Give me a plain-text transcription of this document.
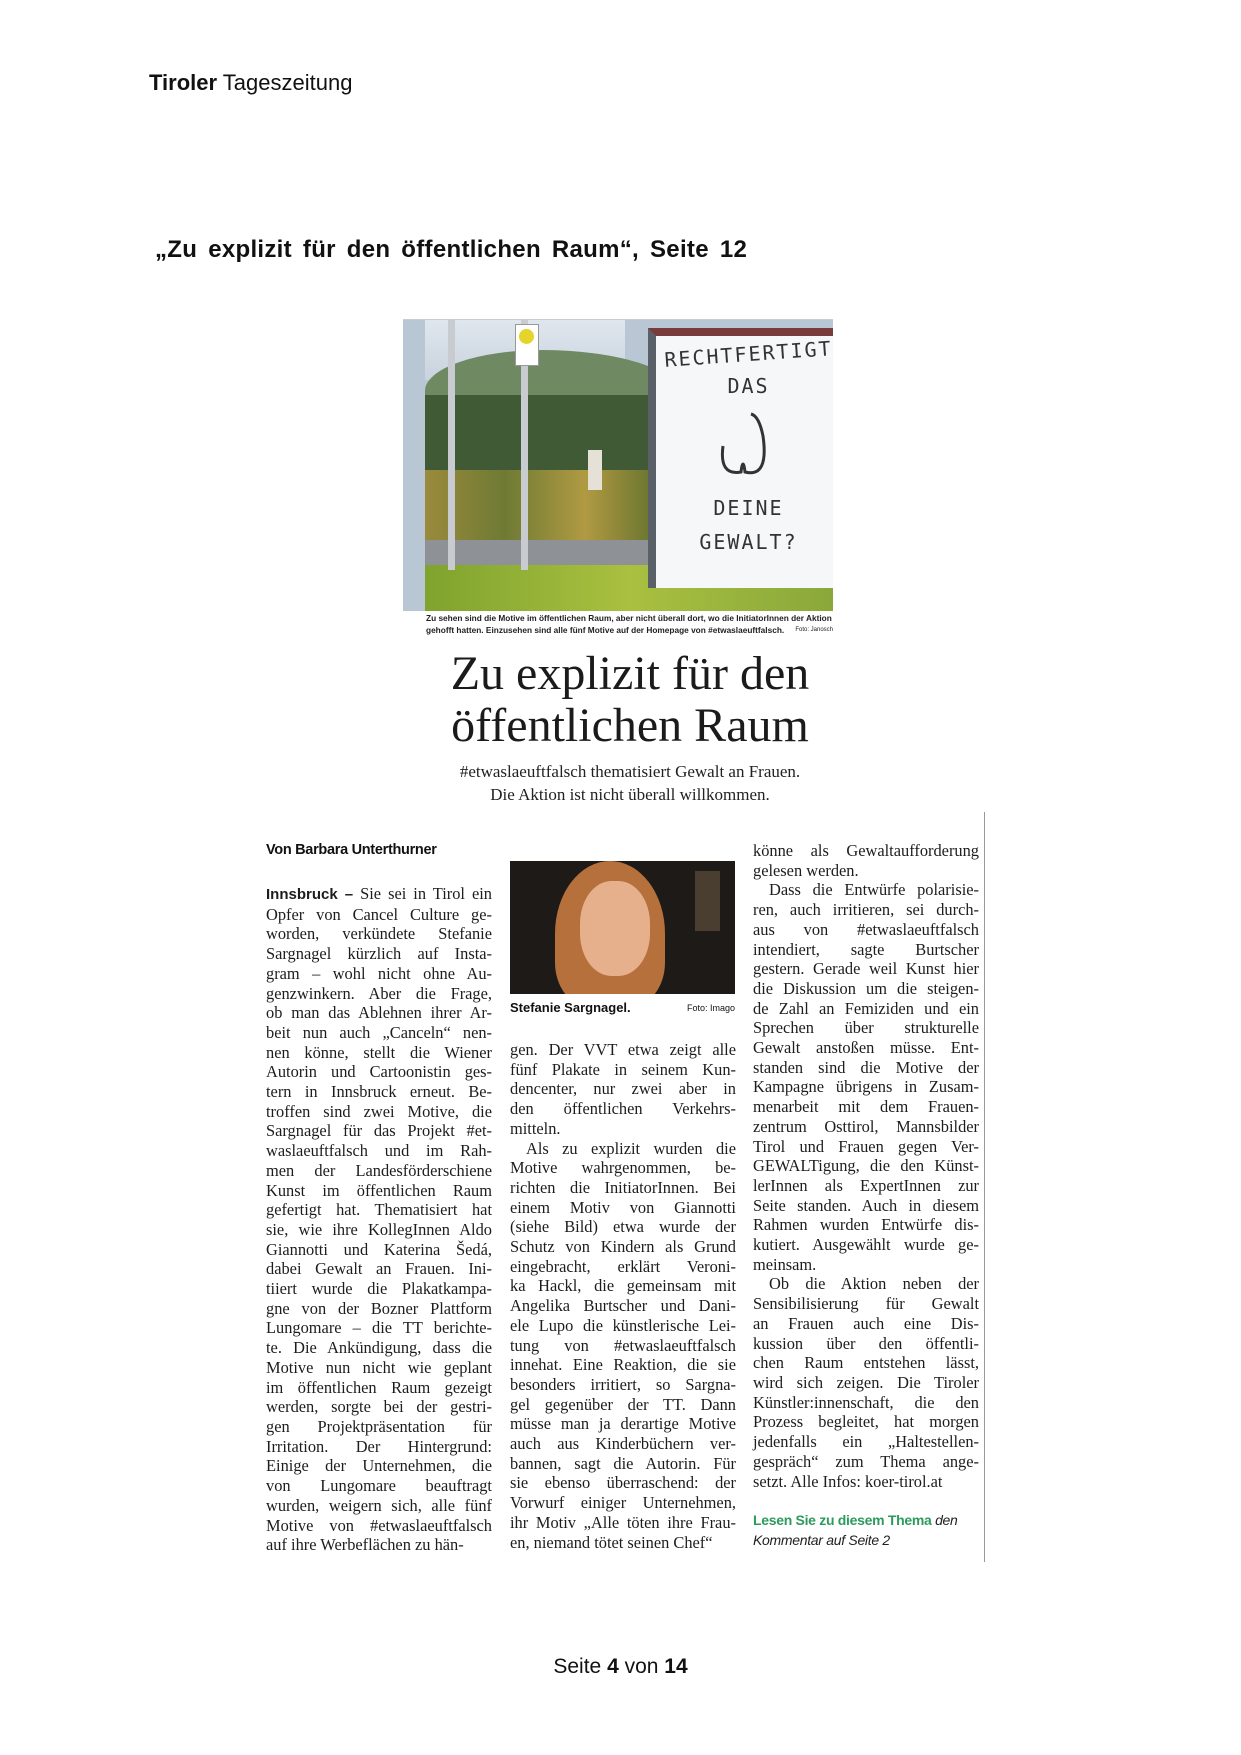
Tiroler Tageszeitung
„Zu explizit für den öffentlichen Raum“, Seite 12
RECHTFERTIGT
DAS
DEINE
GEWALT?
Zu sehen sind die Motive im öffentlichen Raum, aber nicht überall dort, wo die InitiatorInnen der Aktion gehofft hatten. Einzusehen sind alle fünf Motive auf der Homepage von #etwaslaeuftfalsch. Foto: Janosch
Zu explizit für den
öffentlichen Raum
#etwaslaeuftfalsch thematisiert Gewalt an Frauen.
Die Aktion ist nicht überall willkommen.
Von Barbara Unterthurner
Innsbruck – Sie sei in Tirol ein
Opfer von Cancel Culture ge-
worden, verkündete Stefanie
Sargnagel kürzlich auf Insta-
gram – wohl nicht ohne Au-
genzwinkern. Aber die Frage,
ob man das Ablehnen ihrer Ar-
beit nun auch „Canceln“ nen-
nen könne, stellt die Wiener
Autorin und Cartoonistin ges-
tern in Innsbruck erneut. Be-
troffen sind zwei Motive, die
Sargnagel für das Projekt #et-
waslaeuftfalsch und im Rah-
men der Landesförderschiene
Kunst im öffentlichen Raum
gefertigt hat. Thematisiert hat
sie, wie ihre KollegInnen Aldo
Giannotti und Katerina Šedá,
dabei Gewalt an Frauen. Ini-
tiiert wurde die Plakatkampa-
gne von der Bozner Plattform
Lungomare – die TT berichte-
te. Die Ankündigung, dass die
Motive nun nicht wie geplant
im öffentlichen Raum gezeigt
werden, sorgte bei der gestri-
gen Projektpräsentation für
Irritation. Der Hintergrund:
Einige der Unternehmen, die
von Lungomare beauftragt
wurden, weigern sich, alle fünf
Motive von #etwaslaeuftfalsch
auf ihre Werbeflächen zu hän-
Stefanie Sargnagel.	Foto: Imago
gen. Der VVT etwa zeigt alle
fünf Plakate in seinem Kun-
dencenter, nur zwei aber in
den öffentlichen Verkehrs-
mitteln.
Als zu explizit wurden die
Motive wahrgenommen, be-
richten die InitiatorInnen. Bei
einem Motiv von Giannotti
(siehe Bild) etwa wurde der
Schutz von Kindern als Grund
eingebracht, erklärt Veroni-
ka Hackl, die gemeinsam mit
Angelika Burtscher und Dani-
ele Lupo die künstlerische Lei-
tung von #etwaslaeuftfalsch
innehat. Eine Reaktion, die sie
besonders irritiert, so Sargna-
gel gegenüber der TT. Dann
müsse man ja derartige Motive
auch aus Kinderbüchern ver-
bannen, sagt die Autorin. Für
sie ebenso überraschend: der
Vorwurf einiger Unternehmen,
ihr Motiv „Alle töten ihre Frau-
en, niemand tötet seinen Chef“
könne als Gewaltaufforderung
gelesen werden.
Dass die Entwürfe polarisie-
ren, auch irritieren, sei durch-
aus von #etwaslaeuftfalsch
intendiert, sagte Burtscher
gestern. Gerade weil Kunst hier
die Diskussion um die steigen-
de Zahl an Femiziden und ein
Sprechen über strukturelle
Gewalt anstoßen müsse. Ent-
standen sind die Motive der
Kampagne übrigens in Zusam-
menarbeit mit dem Frauen-
zentrum Osttirol, Mannsbilder
Tirol und Frauen gegen Ver-
GEWALTigung, die den Künst-
lerInnen als ExpertInnen zur
Seite standen. Auch in diesem
Rahmen wurden Entwürfe dis-
kutiert. Ausgewählt wurde ge-
meinsam.
Ob die Aktion neben der
Sensibilisierung für Gewalt
an Frauen auch eine Dis-
kussion über den öffentli-
chen Raum entstehen lässt,
wird sich zeigen. Die Tiroler
Künstler:innenschaft, die den
Prozess begleitet, hat morgen
jedenfalls ein „Haltestellen-
gespräch“ zum Thema ange-
setzt. Alle Infos: koer-tirol.at
Lesen Sie zu diesem Thema den
Kommentar auf Seite 2
Seite 4 von 14
